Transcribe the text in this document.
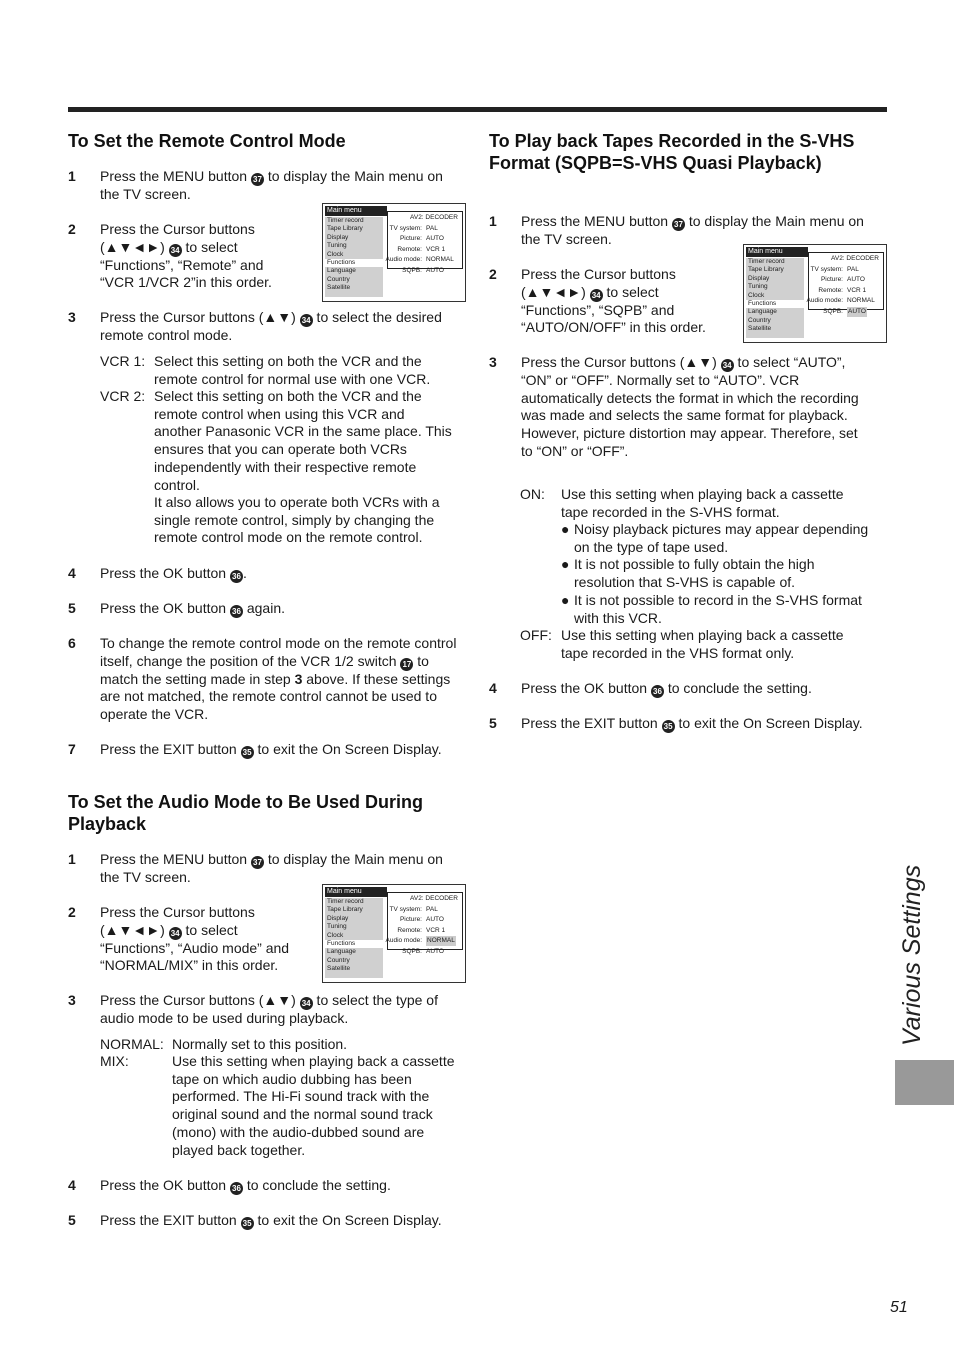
To Set the Remote Control Mode
1 Press the MENU button 37 to display the Main menu on the TV screen.
2 Press the Cursor buttons (▲▼◄►) 34 to select “Functions”, “Remote” and “VCR 1/VCR 2”in this order.
Main menu
Timer record
Tape Library
Display
Tuning
Clock
Functions
Language
Country
Satellite
AV2: DECODER
TV system: PAL
Picture: AUTO
Remote: VCR 1
Audio mode: NORMAL
SQPB: AUTO
3 Press the Cursor buttons (▲▼) 34 to select the desired remote control mode.
VCR 1: Select this setting on both the VCR and the remote control for normal use with one VCR.
VCR 2: Select this setting on both the VCR and the remote control when using this VCR and another Panasonic VCR in the same place. This ensures that you can operate both VCRs independently with their respective remote control.
It also allows you to operate both VCRs with a single remote control, simply by changing the remote control mode on the remote control.
4 Press the OK button 36 .
5 Press the OK button 36 again.
6 To change the remote control mode on the remote control itself, change the position of the VCR 1/2 switch 17 to match the setting made in step 3 above. If these settings are not matched, the remote control cannot be used to operate the VCR.
7 Press the EXIT button 35 to exit the On Screen Display.
To Set the Audio Mode to Be Used During Playback
1 Press the MENU button 37 to display the Main menu on the TV screen.
2 Press the Cursor buttons (▲▼◄►) 34 to select “Functions”, “Audio mode” and “NORMAL/MIX” in this order.
Main menu
Timer record
Tape Library
Display
Tuning
Clock
Functions
Language
Country
Satellite
AV2: DECODER
TV system: PAL
Picture: AUTO
Remote: VCR 1
Audio mode: NORMAL
SQPB: AUTO
3 Press the Cursor buttons (▲▼) 34 to select the type of audio mode to be used during playback.
NORMAL: Normally set to this position.
MIX:	Use this setting when playing back a cassette tape on which audio dubbing has been performed. The Hi-Fi sound track with the original sound and the normal sound track (mono) with the audio-dubbed sound are played back together.
4 Press the OK button 36 to conclude the setting.
5 Press the EXIT button 35 to exit the On Screen Display.
To Play back Tapes Recorded in the S-VHS Format (SQPB=S-VHS Quasi Playback)
1 Press the MENU button 37 to display the Main menu on the TV screen.
2 Press the Cursor buttons (▲▼◄►) 34 to select “Functions”, “SQPB” and “AUTO/ON/OFF” in this order.
Main menu
Timer record
Tape Library
Display
Tuning
Clock
Functions
Language
Country
Satellite
AV2: DECODER
TV system: PAL
Picture: AUTO
Remote: VCR 1
Audio mode: NORMAL
SQPB: AUTO
3 Press the Cursor buttons (▲▼) 34 to select “AUTO”, “ON” or “OFF”. Normally set to “AUTO”. VCR automatically detects the format in which the recording was made and selects the same format for playback. However, picture distortion may appear. Therefore, set to “ON” or “OFF”.
ON: Use this setting when playing back a cassette tape recorded in the S-VHS format.
● Noisy playback pictures may appear depending on the type of tape used.
● It is not possible to fully obtain the high resolution that S-VHS is capable of.
● It is not possible to record in the S-VHS format with this VCR.
OFF: Use this setting when playing back a cassette tape recorded in the VHS format only.
4 Press the OK button 36 to conclude the setting.
5 Press the EXIT button 35 to exit the On Screen Display.
Various Settings
51
